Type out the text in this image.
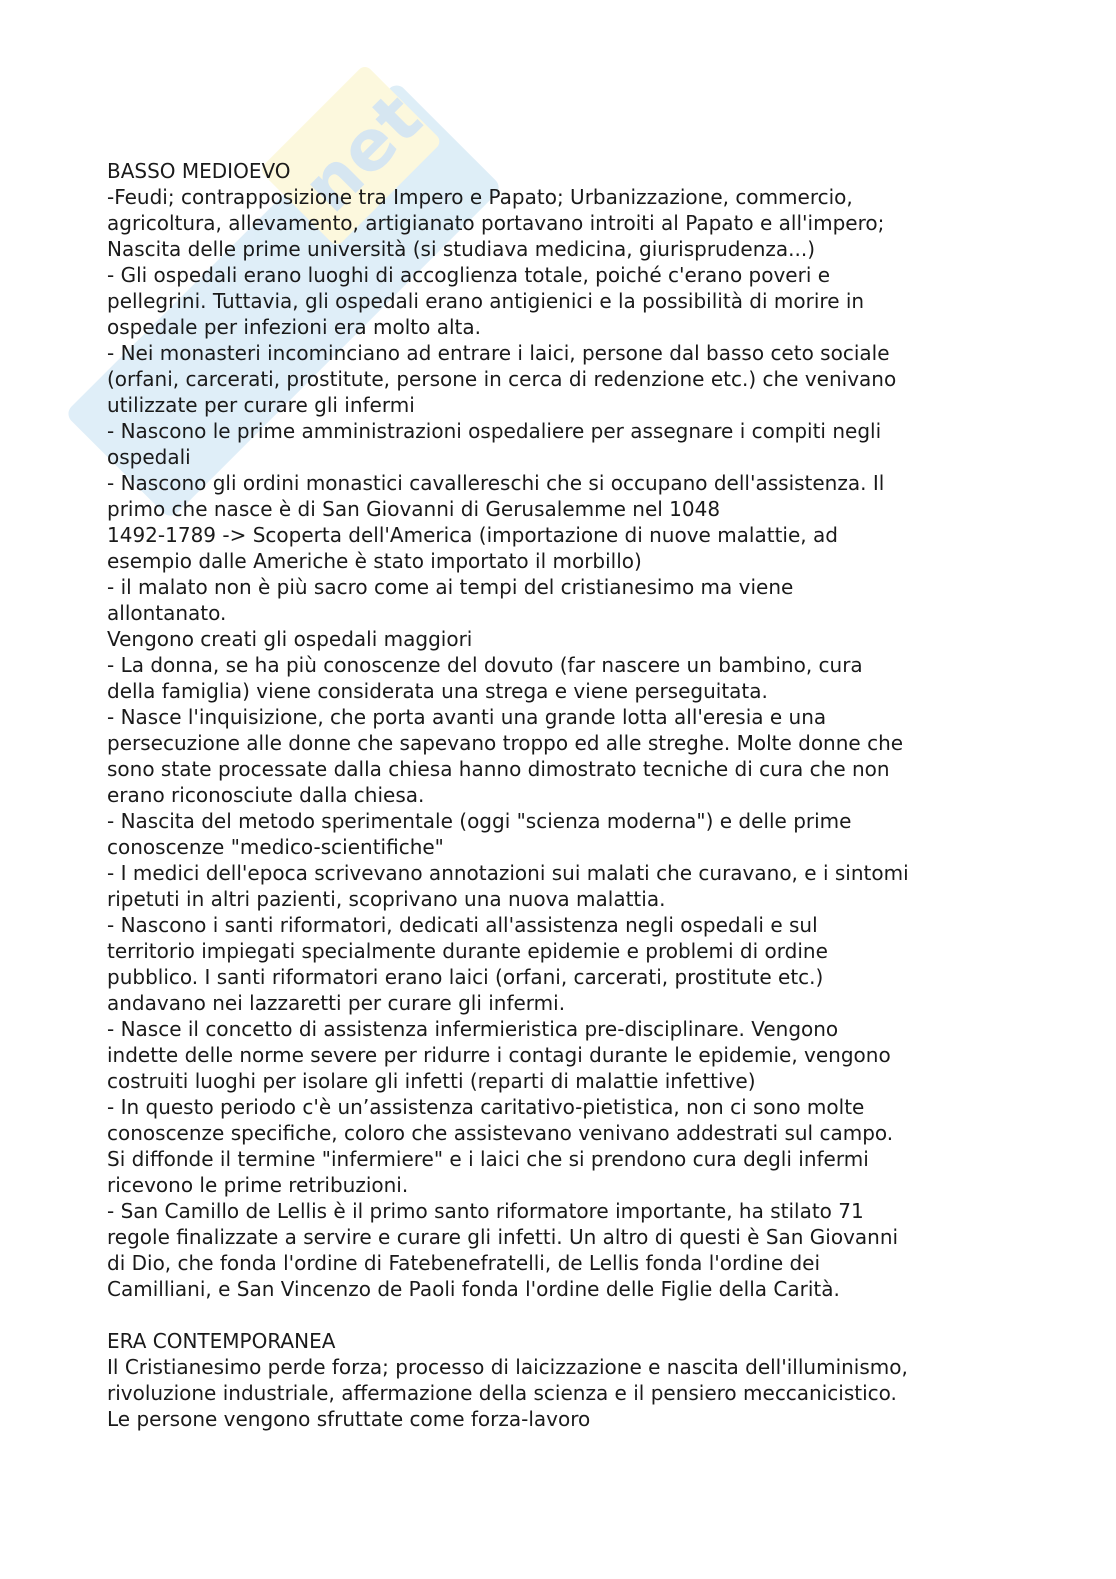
net
BASSO MEDIOEVO
-Feudi; contrapposizione tra Impero e Papato; Urbanizzazione, commercio,
agricoltura, allevamento, artigianato portavano introiti al Papato e all'impero;
Nascita delle prime università (si studiava medicina, giurisprudenza...)
- Gli ospedali erano luoghi di accoglienza totale, poiché c'erano poveri e
pellegrini. Tuttavia, gli ospedali erano antigienici e la possibilità di morire in
ospedale per infezioni era molto alta.
- Nei monasteri incominciano ad entrare i laici, persone dal basso ceto sociale
(orfani, carcerati, prostitute, persone in cerca di redenzione etc.) che venivano
utilizzate per curare gli infermi
- Nascono le prime amministrazioni ospedaliere per assegnare i compiti negli
ospedali
- Nascono gli ordini monastici cavallereschi che si occupano dell'assistenza. Il
primo che nasce è di San Giovanni di Gerusalemme nel 1048
1492-1789 -> Scoperta dell'America (importazione di nuove malattie, ad
esempio dalle Americhe è stato importato il morbillo)
- il malato non è più sacro come ai tempi del cristianesimo ma viene
allontanato.
Vengono creati gli ospedali maggiori
- La donna, se ha più conoscenze del dovuto (far nascere un bambino, cura
della famiglia) viene considerata una strega e viene perseguitata.
- Nasce l'inquisizione, che porta avanti una grande lotta all'eresia e una
persecuzione alle donne che sapevano troppo ed alle streghe. Molte donne che
sono state processate dalla chiesa hanno dimostrato tecniche di cura che non
erano riconosciute dalla chiesa.
- Nascita del metodo sperimentale (oggi "scienza moderna") e delle prime
conoscenze "medico-scientifiche"
- I medici dell'epoca scrivevano annotazioni sui malati che curavano, e i sintomi
ripetuti in altri pazienti, scoprivano una nuova malattia.
- Nascono i santi riformatori, dedicati all'assistenza negli ospedali e sul
territorio impiegati specialmente durante epidemie e problemi di ordine
pubblico. I santi riformatori erano laici (orfani, carcerati, prostitute etc.)
andavano nei lazzaretti per curare gli infermi.
- Nasce il concetto di assistenza infermieristica pre-disciplinare. Vengono
indette delle norme severe per ridurre i contagi durante le epidemie, vengono
costruiti luoghi per isolare gli infetti (reparti di malattie infettive)
- In questo periodo c'è un’assistenza caritativo-pietistica, non ci sono molte
conoscenze specifiche, coloro che assistevano venivano addestrati sul campo.
Si diffonde il termine "infermiere" e i laici che si prendono cura degli infermi
ricevono le prime retribuzioni.
- San Camillo de Lellis è il primo santo riformatore importante, ha stilato 71
regole finalizzate a servire e curare gli infetti. Un altro di questi è San Giovanni
di Dio, che fonda l'ordine di Fatebenefratelli, de Lellis fonda l'ordine dei
Camilliani, e San Vincenzo de Paoli fonda l'ordine delle Figlie della Carità.
ERA CONTEMPORANEA
Il Cristianesimo perde forza; processo di laicizzazione e nascita dell'illuminismo,
rivoluzione industriale, affermazione della scienza e il pensiero meccanicistico.
Le persone vengono sfruttate come forza-lavoro
